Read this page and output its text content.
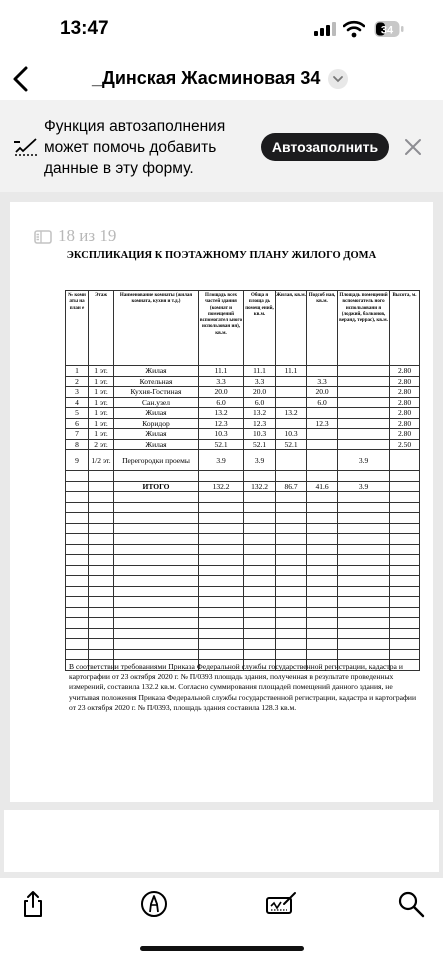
13:47	34
_Динская Жасминовая 34
Функция автозаполнения может помочь добавить данные в эту форму.
Автозаполнить
18 из 19
ЭКСПЛИКАЦИЯ К ПОЭТАЖНОМУ ПЛАНУ ЖИЛОГО ДОМА
№ комн аты на план е	Этаж	Наименование комнаты (жилая комната, кухня и т.д.)	Площадь всех частей здания (комнат и помещений вспомогател ьного использован ия), кв.м.	Обща я площа дь помещ ений, кв.м.	Жилая, кв.м.	Подсоб ная, кв.м.	Площадь помещений вспомогатель ного использовани я (лоджий, балконов, веранд, террас), кв.м.	Высота, м.
1	1 эт.	Жилая	11.1	11.1	11.1			2.80
2	1 эт.	Котельная	3.3	3.3		3.3		2.80
3	1 эт.	Кухня-Гостиная	20.0	20.0		20.0		2.80
4	1 эт.	Сан.узел	6.0	6.0		6.0		2.80
5	1 эт.	Жилая	13.2	13.2	13.2			2.80
6	1 эт.	Коридор	12.3	12.3		12.3		2.80
7	1 эт.	Жилая	10.3	10.3	10.3			2.80
8	2 эт.	Жилая	52.1	52.1	52.1			2.50
9	1/2 эт.	Перегородки проемы	3.9	3.9			3.9	

		ИТОГО	132.2	132.2	86.7	41.6	3.9	

В соответствии требованиями Приказа Федеральной службы государственной регистрации, кадастра и картографии от 23 октября 2020 г. № П/0393 площадь здания, полученная в результате проведенных измерений, составила 132.2 кв.м. Согласно суммирования площадей помещений данного здания, не учитывая положения Приказа Федеральной службы государственной регистрации, кадастра и картографии от 23 октября 2020 г. № П/0393, площадь здания составила 128.3 кв.м.
